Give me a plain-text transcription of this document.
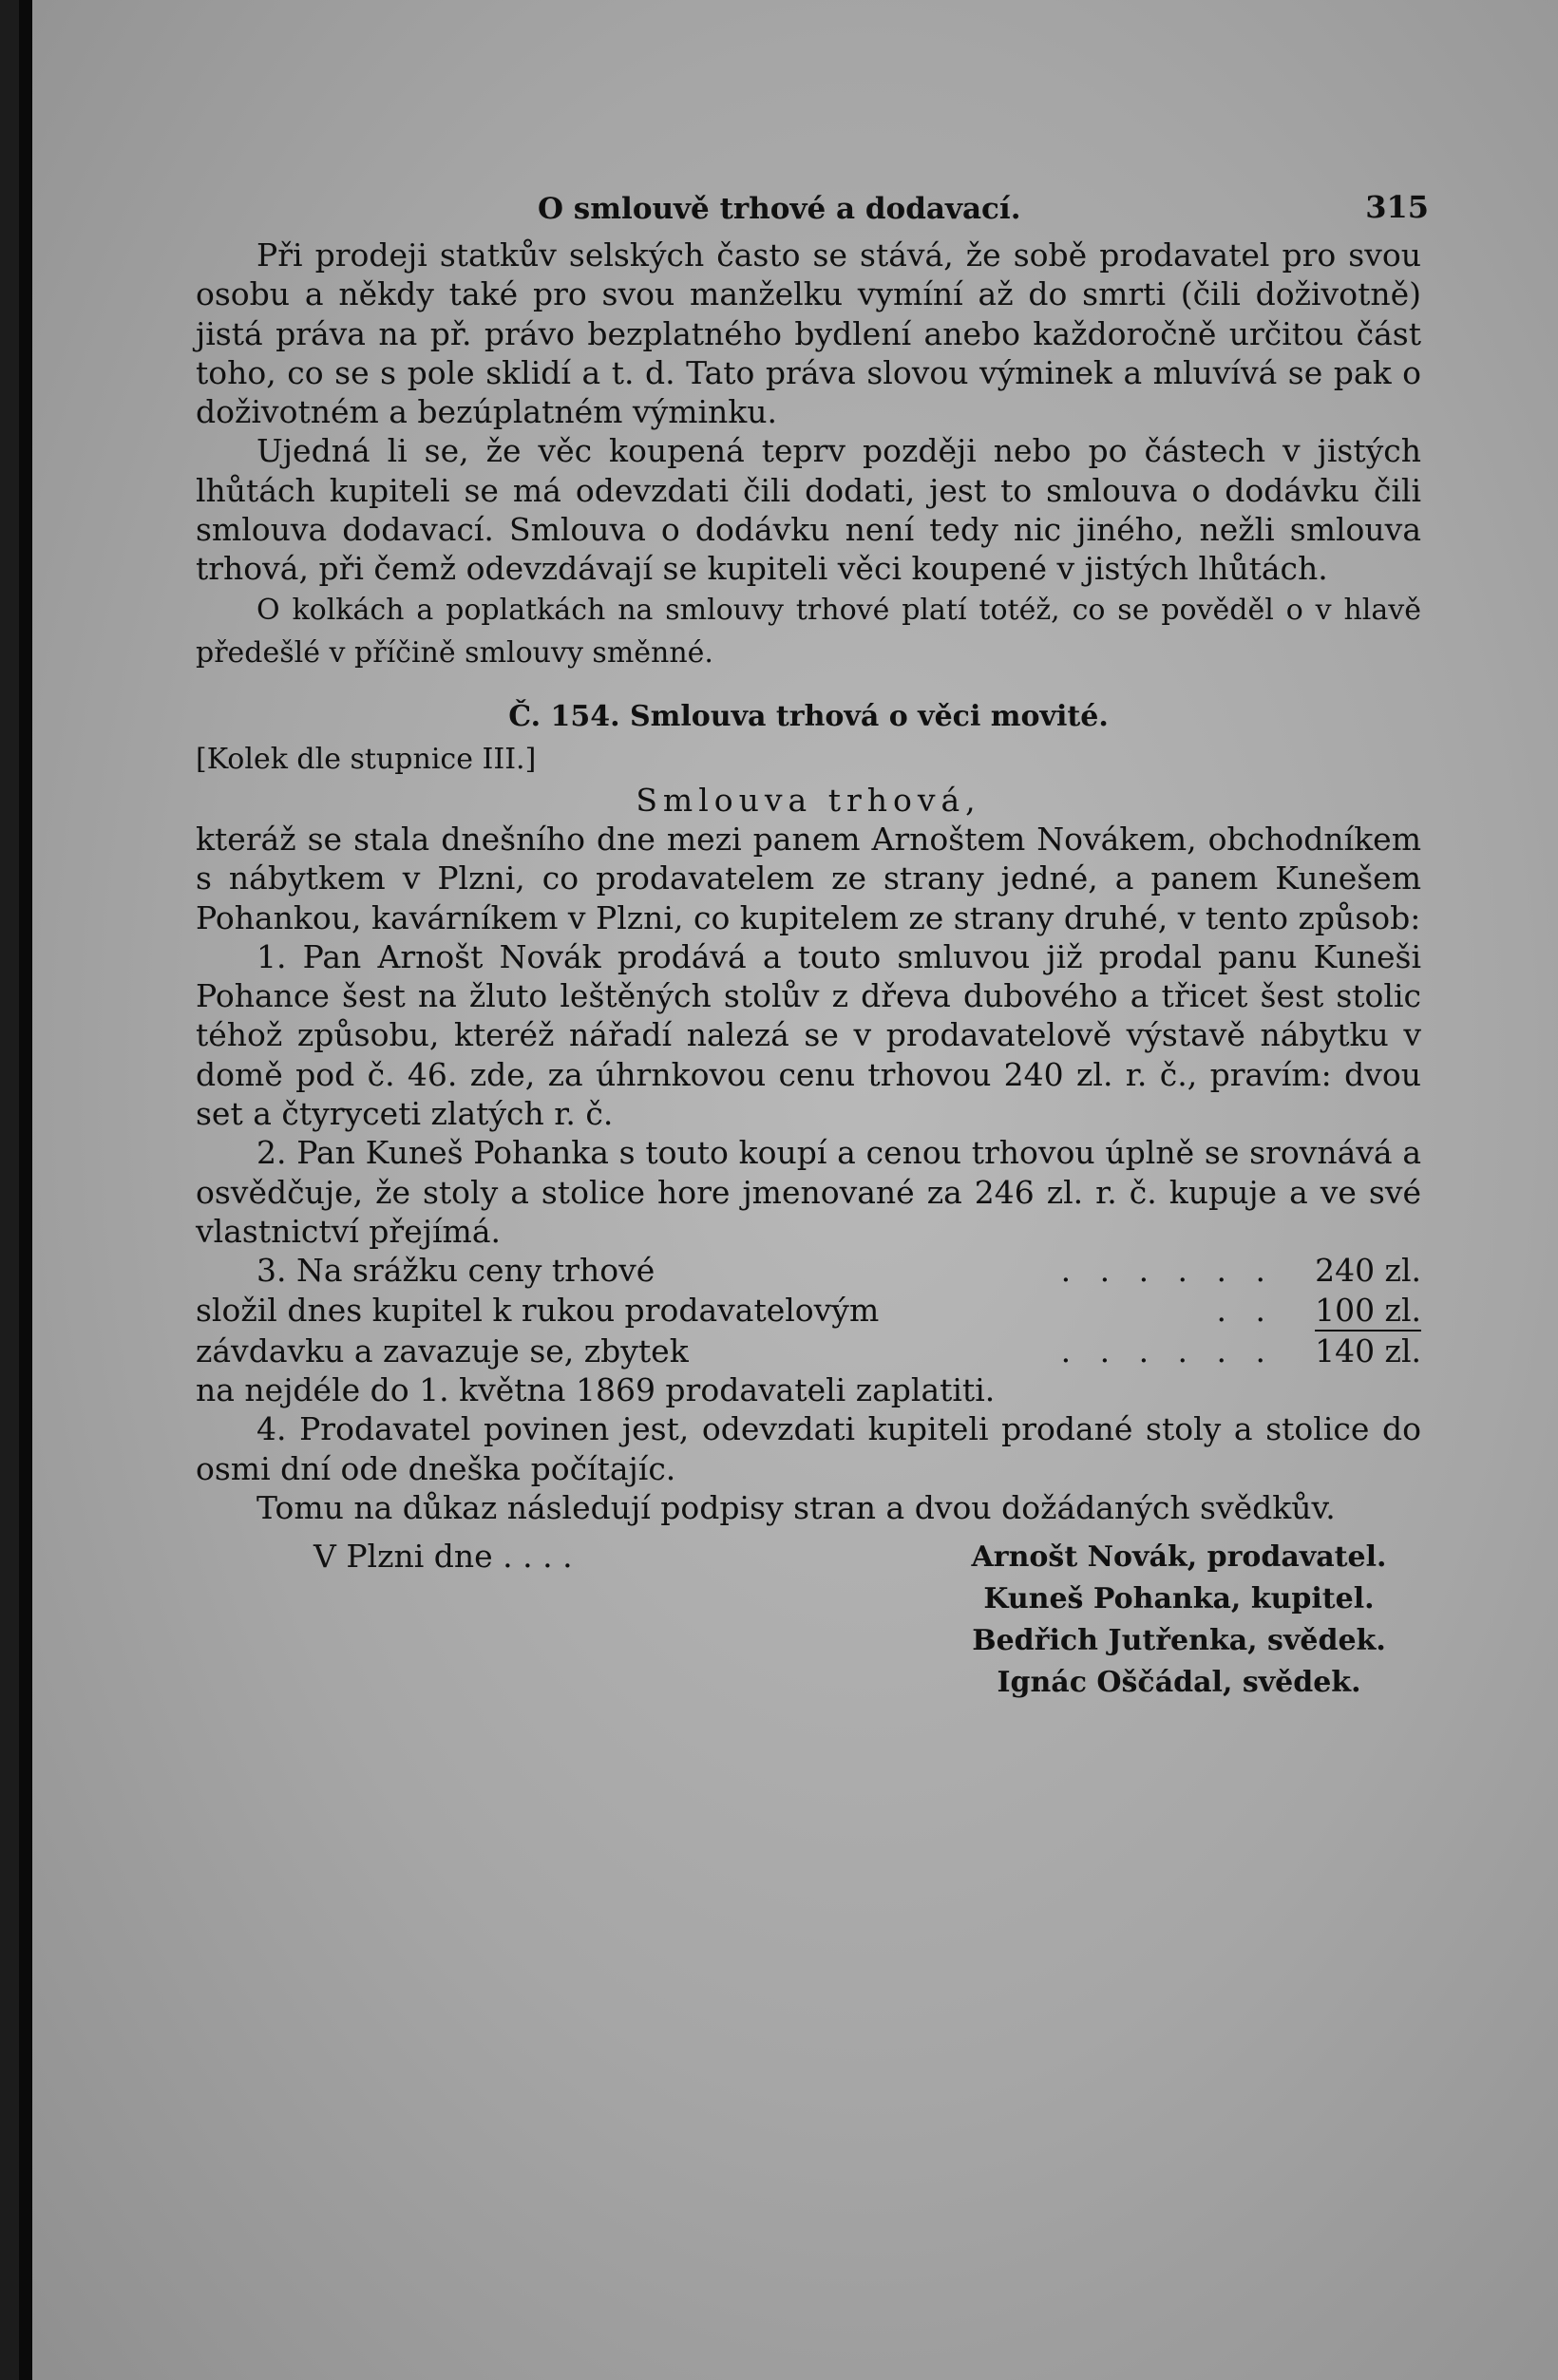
O smlouvě trhové a dodavací.	315

Při prodeji statkův selských často se stává, že sobě prodavatel pro svou osobu a někdy také pro svou manželku vymíní až do smrti (čili doživotně) jistá práva na př. právo bezplatného bydlení anebo každoročně určitou část toho, co se s pole sklidí a t. d. Tato práva slovou výminek a mluvívá se pak o doživotném a bezúplatném výminku.

Ujedná li se, že věc koupená teprv později nebo po částech v jistých lhůtách kupiteli se má odevzdati čili dodati, jest to smlouva o dodávku čili smlouva dodavací. Smlouva o dodávku není tedy nic jiného, nežli smlouva trhová, při čemž odevzdávají se kupiteli věci koupené v jistých lhůtách.

O kolkách a poplatkách na smlouvy trhové platí totéž, co se pověděl o v hlavě předešlé v příčině smlouvy směnné.

Č. 154. Smlouva trhová o věci movité.

[Kolek dle stupnice III.]

Smlouva trhová,

kteráž se stala dnešního dne mezi panem Arnoštem Novákem, obchodníkem s nábytkem v Plzni, co prodavatelem ze strany jedné, a panem Kunešem Pohankou, kavárníkem v Plzni, co kupitelem ze strany druhé, v tento způsob:

1. Pan Arnošt Novák prodává a touto smluvou již prodal panu Kuneši Pohance šest na žluto leštěných stolův z dřeva dubového a třicet šest stolic téhož způsobu, kteréž nářadí nalezá se v prodavatelově výstavě nábytku v domě pod č. 46. zde, za úhrnkovou cenu trhovou 240 zl. r. č., pravím: dvou set a čtyryceti zlatých r. č.

2. Pan Kuneš Pohanka s touto koupí a cenou trhovou úplně se srovnává a osvědčuje, že stoly a stolice hore jmenované za 246 zl. r. č. kupuje a ve své vlastnictví přejímá.

3. Na srážku ceny trhové	. . . . . .	240 zl.
složil dnes kupitel k rukou prodavatelovým	. .	100 zl.
závdavku a zavazuje se, zbytek	. . . . . .	140 zl.

na nejdéle do 1. května 1869 prodavateli zaplatiti.

4. Prodavatel povinen jest, odevzdati kupiteli prodané stoly a stolice do osmi dní ode dneška počítajíc.

Tomu na důkaz následují podpisy stran a dvou dožádaných svědkův.

V Plzni dne . . . .	Arnošt Novák, prodavatel.
Kuneš Pohanka, kupitel.
Bedřich Jutřenka, svědek.
Ignác Oščádal, svědek.
